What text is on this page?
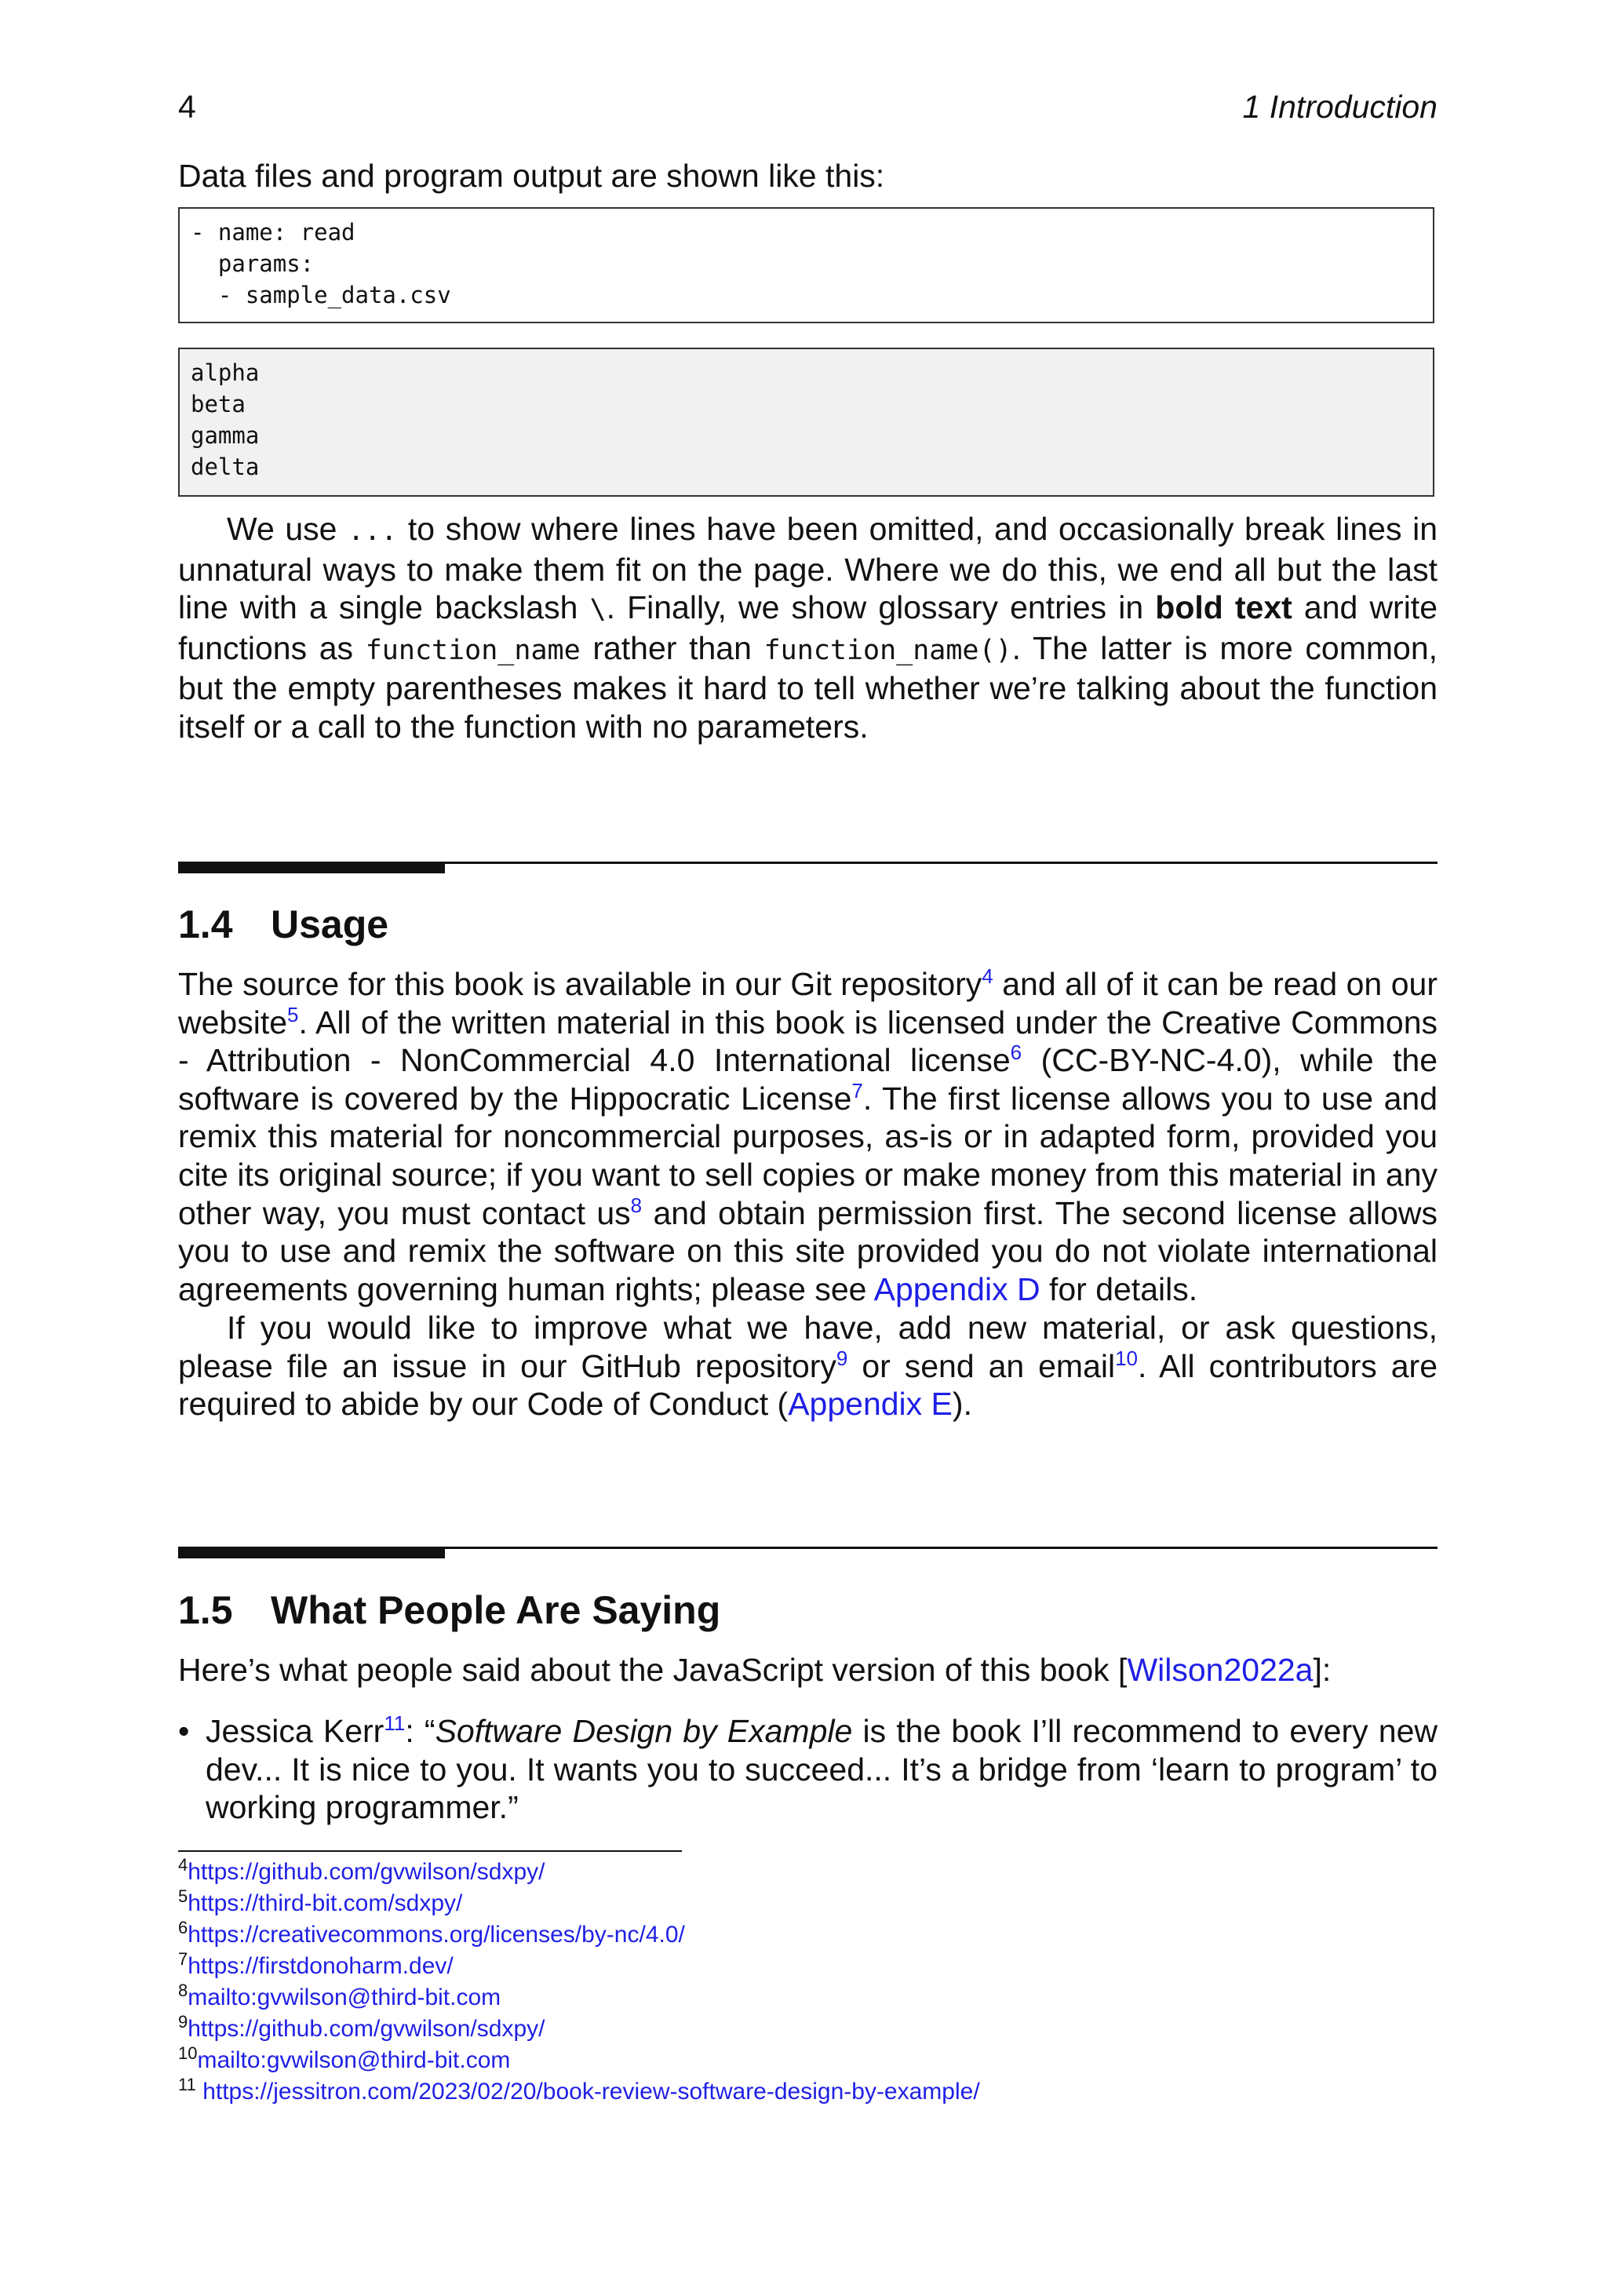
4	1 Introduction

Data files and program output are shown like this:

- name: read
params:
- sample_data.csv
alpha
beta
gamma
delta

We use ... to show where lines have been omitted, and occasionally break lines in unnatural ways to make them fit on the page. Where we do this, we end all but the last line with a single backslash \. Finally, we show glossary entries in bold text and write functions as function_name rather than function_name(). The latter is more common, but the empty parentheses makes it hard to tell whether we’re talking about the function itself or a call to the function with no parameters.

1.4 Usage

The source for this book is available in our Git repository$^4$ and all of it can be read on our website$^5$. All of the written material in this book is licensed under the Creative Commons - Attribution - NonCommercial 4.0 International license$^6$ (CC-BY-NC-4.0), while the software is covered by the Hippocratic License$^7$. The first license allows you to use and remix this material for noncommercial purposes, as-is or in adapted form, provided you cite its original source; if you want to sell copies or make money from this material in any other way, you must contact $us^8$ and obtain permission first. The second license allows you to use and remix the software on this site provided you do not violate international agreements governing human rights; please see Appendix D for details.

If you would like to improve what we have, add new material, or ask questions, please file an issue in our GitHub repository$^9$ or send an email$^{10}$. All contributors are required to abide by our Code of Conduct (Appendix E).

1.5 What People Are Saying

Here’s what people said about the JavaScript version of this book [Wilson2022a]:

• Jessica Kerr$^{11}$: “Software Design by Example is the book I’ll recommend to every new dev... It is nice to you. It wants you to succeed... It’s a bridge from ‘learn to program’ to working programmer.”
$^4$https://github.com/gvwilson/sdxpy/
$^5$https://third-bit.com/sdxpy/
$^6$https://creativecommons.org/licenses/by-nc/4.0/
$^7$https://firstdonoharm.dev/
$^8$mailto:gvwilson@third-bit.com
$^9$https://github.com/gvwilson/sdxpy/
$^{10}$mailto:gvwilson@third-bit.com
$^{11}$ https://jessitron.com/2023/02/20/book-review-software-design-by-example/
